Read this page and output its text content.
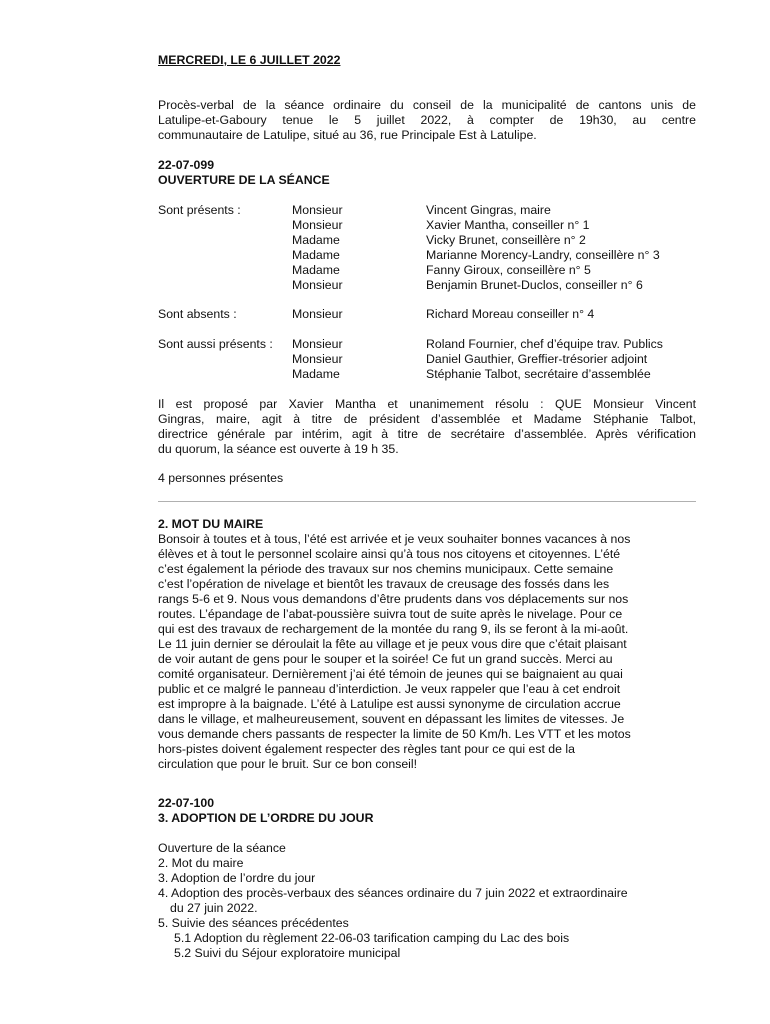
MERCREDI, LE 6 JUILLET 2022
Procès-verbal de la séance ordinaire du conseil de la municipalité de cantons unis de
Latulipe-et-Gaboury tenue le 5 juillet 2022, à compter de 19h30, au centre
communautaire de Latulipe, situé au 36, rue Principale Est à Latulipe.
22-07-099
OUVERTURE DE LA SÉANCE
Sont présents :	Monsieur	Vincent Gingras, maire
Monsieur	Xavier Mantha, conseiller n° 1
Madame	Vicky Brunet, conseillère n° 2
Madame	Marianne Morency-Landry, conseillère n° 3
Madame	Fanny Giroux, conseillère n° 5
Monsieur	Benjamin Brunet-Duclos, conseiller n° 6
Sont absents :	Monsieur	Richard Moreau conseiller n° 4
Sont aussi présents : Monsieur	Roland Fournier, chef d’équipe trav. Publics
Monsieur	Daniel Gauthier, Greffier-trésorier adjoint
Madame	Stéphanie Talbot, secrétaire d’assemblée
Il est proposé par Xavier Mantha et unanimement résolu : QUE Monsieur Vincent
Gingras, maire, agit à titre de président d’assemblée et Madame Stéphanie Talbot,
directrice générale par intérim, agit à titre de secrétaire d’assemblée. Après vérification
du quorum, la séance est ouverte à 19 h 35.
4 personnes présentes
2. MOT DU MAIRE
Bonsoir à toutes et à tous, l’été est arrivée et je veux souhaiter bonnes vacances à nos
élèves et à tout le personnel scolaire ainsi qu’à tous nos citoyens et citoyennes. L’été
c’est également la période des travaux sur nos chemins municipaux. Cette semaine
c’est l’opération de nivelage et bientôt les travaux de creusage des fossés dans les
rangs 5-6 et 9. Nous vous demandons d’être prudents dans vos déplacements sur nos
routes. L’épandage de l’abat-poussière suivra tout de suite après le nivelage. Pour ce
qui est des travaux de rechargement de la montée du rang 9, ils se feront à la mi-août.
Le 11 juin dernier se déroulait la fête au village et je peux vous dire que c’était plaisant
de voir autant de gens pour le souper et la soirée! Ce fut un grand succès. Merci au
comité organisateur. Dernièrement j’ai été témoin de jeunes qui se baignaient au quai
public et ce malgré le panneau d’interdiction. Je veux rappeler que l’eau à cet endroit
est impropre à la baignade. L’été à Latulipe est aussi synonyme de circulation accrue
dans le village, et malheureusement, souvent en dépassant les limites de vitesses. Je
vous demande chers passants de respecter la limite de 50 Km/h. Les VTT et les motos
hors-pistes doivent également respecter des règles tant pour ce qui est de la
circulation que pour le bruit. Sur ce bon conseil!
22-07-100
3. ADOPTION DE L’ORDRE DU JOUR
Ouverture de la séance
2. Mot du maire
3. Adoption de l’ordre du jour
4. Adoption des procès-verbaux des séances ordinaire du 7 juin 2022 et extraordinaire
du 27 juin 2022.
5. Suivie des séances précédentes
5.1 Adoption du règlement 22-06-03 tarification camping du Lac des bois
5.2 Suivi du Séjour exploratoire municipal
